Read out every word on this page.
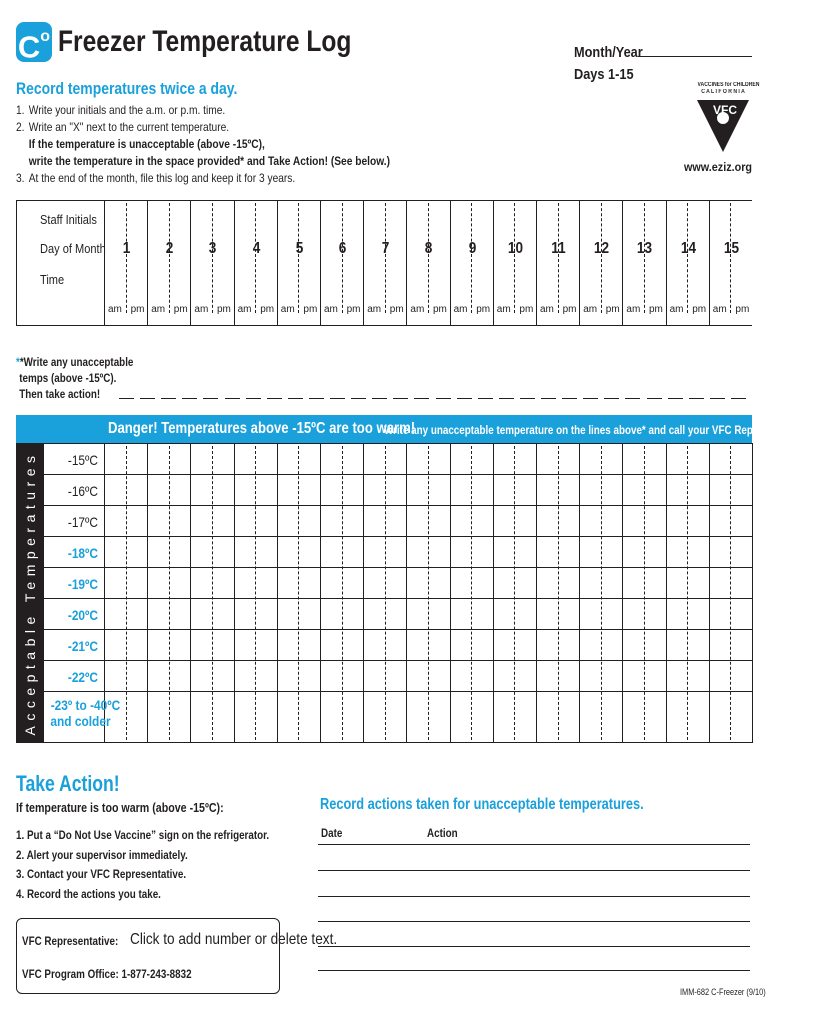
$C^o$ Freezer Temperature Log	Month/Year
Days 1-15
VACCINES for CHILDREN
C A L I F O R N I A
VFC
www.eziz.org
Record temperatures twice a day.
1. Write your initials and the a.m. or p.m. time.
2. Write an "X" next to the current temperature.
If the temperature is unacceptable (above -15ºC),
write the temperature in the space provided* and Take Action! (See below.)
3. At the end of the month, file this log and keep it for 3 years.
Staff Initials
Day of Month
Time
**Write any unacceptable
temps (above -15ºC).
Then take action!
Danger! Temperatures above -15ºC are too warm!
Write any unacceptable temperature on the lines above* and call your VFC Rep immediately!
Acceptable Temperatures
Take Action!
If temperature is too warm (above -15ºC):
1. Put a “Do Not Use Vaccine” sign on the refrigerator.
2. Alert your supervisor immediately.
3. Contact your VFC Representative.
4. Record the actions you take.
VFC Representative: Click to add number or delete text.
VFC Program Office: 1-877-243-8832
Record actions taken for unacceptable temperatures.
Date	Action
IMM-682 C-Freezer (9/10)
1
am pm
2
am pm
3
am pm
4
am pm
5
am pm
6
am pm
7
am pm
8
am pm
9
am pm
10
am pm
11
am pm
12
am pm
13
am pm
14
am pm
15
am pm
-15ºC
-16ºC
-17ºC
-18ºC
-19ºC
-20ºC
-21ºC
-22ºC
-23º to -40ºC
and colder
